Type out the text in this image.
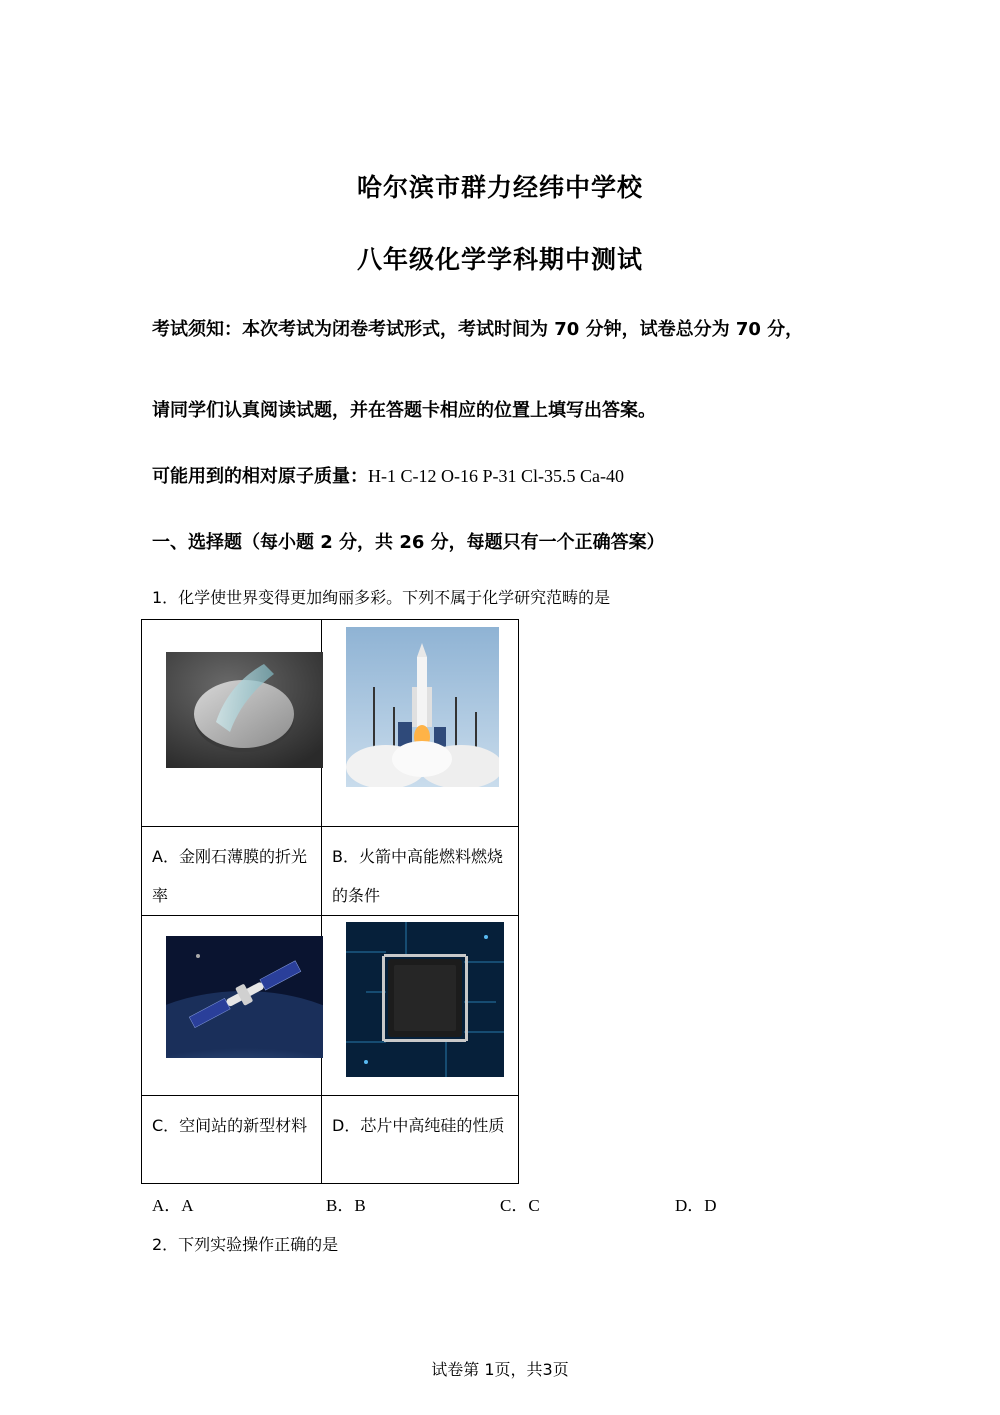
哈尔滨市群力经纬中学校
八年级化学学科期中测试
考试须知：本次考试为闭卷考试形式，考试时间为 70 分钟，试卷总分为 70 分，
请同学们认真阅读试题，并在答题卡相应的位置上填写出答案。
可能用到的相对原子质量：H-1 C-12 O-16 P-31 Cl-35.5 Ca-40
一、选择题（每小题 2 分，共 26 分，每题只有一个正确答案）
1．化学使世界变得更加绚丽多彩。下列不属于化学研究范畴的是

A．金刚石薄膜的折光率	B．火箭中高能燃料燃烧的条件

C．空间站的新型材料	D．芯片中高纯硅的性质
A．A	B．B	C．C	D．D
2．下列实验操作正确的是
试卷第 1页，共3页
